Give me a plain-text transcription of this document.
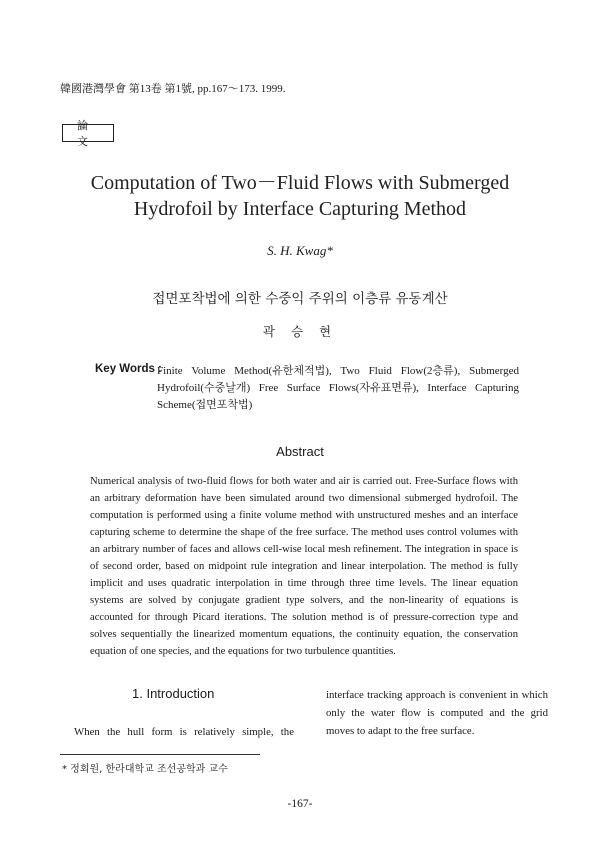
韓國港灣學會 第13卷 第1號, pp.167～173. 1999.
論 文
Computation of Two－Fluid Flows with Submerged
Hydrofoil by Interface Capturing Method
S. H. Kwag*
접면포착법에 의한 수중익 주위의 이층류 유동계산
곽 승 현
Key Words :
Finite Volume Method(유한체적법), Two Fluid Flow(2층류), Submerged Hydrofoil(수중날개) Free Surface Flows(자유표면류), Interface Capturing Scheme(접면포착법)
Abstract
Numerical analysis of two-fluid flows for both water and air is carried out. Free-Surface flows with an arbitrary deformation have been simulated around two dimensional submerged hydrofoil. The computation is performed using a finite volume method with unstructured meshes and an interface capturing scheme to determine the shape of the free surface. The method uses control volumes with an arbitrary number of faces and allows cell-wise local mesh refinement. The integration in space is of second order, based on midpoint rule integration and linear interpolation. The method is fully implicit and uses quadratic interpolation in time through three time levels. The linear equation systems are solved by conjugate gradient type solvers, and the non-linearity of equations is accounted for through Picard iterations. The solution method is of pressure-correction type and solves sequentially the linearized momentum equations, the continuity equation, the conservation equation of one species, and the equations for two turbulence quantities.
1. Introduction
When the hull form is relatively simple, the
interface tracking approach is convenient in which only the water flow is computed and the grid moves to adapt to the free surface.
* 정회원, 한라대학교 조선공학과 교수
-167-
